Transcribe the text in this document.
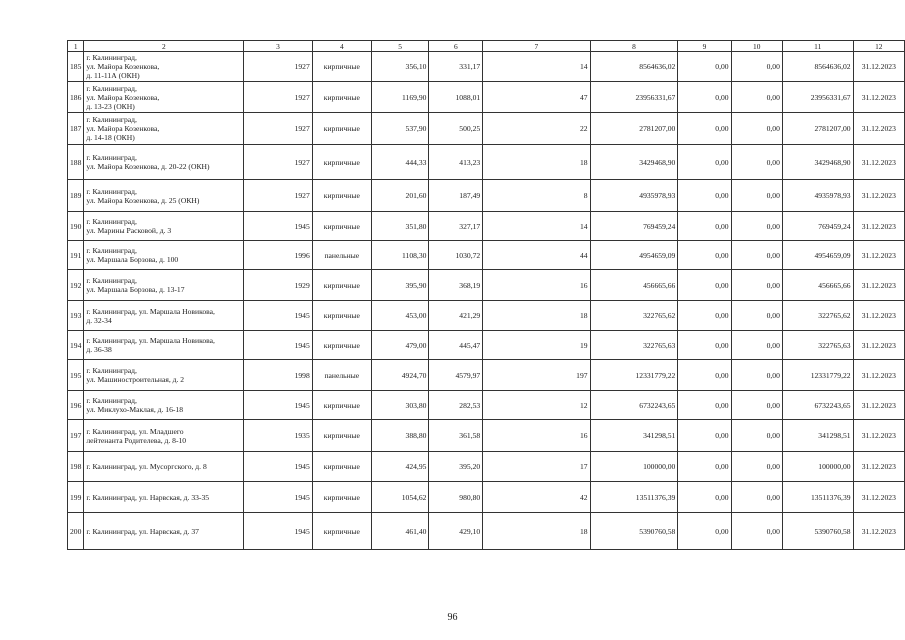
1	2	3	4	5	6	7	8	9	10	11	12
185	г. Калининград,
ул. Майора Козенкова,
д. 11-11А (ОКН)	1927	кирпичные	356,10	331,17	14	8564636,02	0,00	0,00	8564636,02	31.12.2023
186	г. Калининград,
ул. Майора Козенкова,
д. 13-23 (ОКН)	1927	кирпичные	1169,90	1088,01	47	23956331,67	0,00	0,00	23956331,67	31.12.2023
187	г. Калининград,
ул. Майора Козенкова,
д. 14-18 (ОКН)	1927	кирпичные	537,90	500,25	22	2781207,00	0,00	0,00	2781207,00	31.12.2023
188	г. Калининград,
ул. Майора Козенкова, д. 20-22 (ОКН)	1927	кирпичные	444,33	413,23	18	3429468,90	0,00	0,00	3429468,90	31.12.2023
189	г. Калининград,
ул. Майора Козенкова, д. 25 (ОКН)	1927	кирпичные	201,60	187,49	8	4935978,93	0,00	0,00	4935978,93	31.12.2023
190	г. Калининград,
ул. Марины Расковой, д. 3	1945	кирпичные	351,80	327,17	14	769459,24	0,00	0,00	769459,24	31.12.2023
191	г. Калининград,
ул. Маршала Борзова, д. 100	1996	панельные	1108,30	1030,72	44	4954659,09	0,00	0,00	4954659,09	31.12.2023
192	г. Калининград,
ул. Маршала Борзова, д. 13-17	1929	кирпичные	395,90	368,19	16	456665,66	0,00	0,00	456665,66	31.12.2023
193	г. Калининград, ул. Маршала Новикова,
д. 32-34	1945	кирпичные	453,00	421,29	18	322765,62	0,00	0,00	322765,62	31.12.2023
194	г. Калининград, ул. Маршала Новикова,
д. 36-38	1945	кирпичные	479,00	445,47	19	322765,63	0,00	0,00	322765,63	31.12.2023
195	г. Калининград,
ул. Машиностроительная, д. 2	1998	панельные	4924,70	4579,97	197	12331779,22	0,00	0,00	12331779,22	31.12.2023
196	г. Калининград,
ул. Миклухо-Маклая, д. 16-18	1945	кирпичные	303,80	282,53	12	6732243,65	0,00	0,00	6732243,65	31.12.2023
197	г. Калининград, ул. Младшего
лейтенанта Родителева, д. 8-10	1935	кирпичные	388,80	361,58	16	341298,51	0,00	0,00	341298,51	31.12.2023
198	г. Калининград, ул. Мусоргского, д. 8	1945	кирпичные	424,95	395,20	17	100000,00	0,00	0,00	100000,00	31.12.2023
199	г. Калининград, ул. Нарвская, д. 33-35	1945	кирпичные	1054,62	980,80	42	13511376,39	0,00	0,00	13511376,39	31.12.2023
200	г. Калининград, ул. Нарвская, д. 37	1945	кирпичные	461,40	429,10	18	5390760,58	0,00	0,00	5390760,58	31.12.2023
96
